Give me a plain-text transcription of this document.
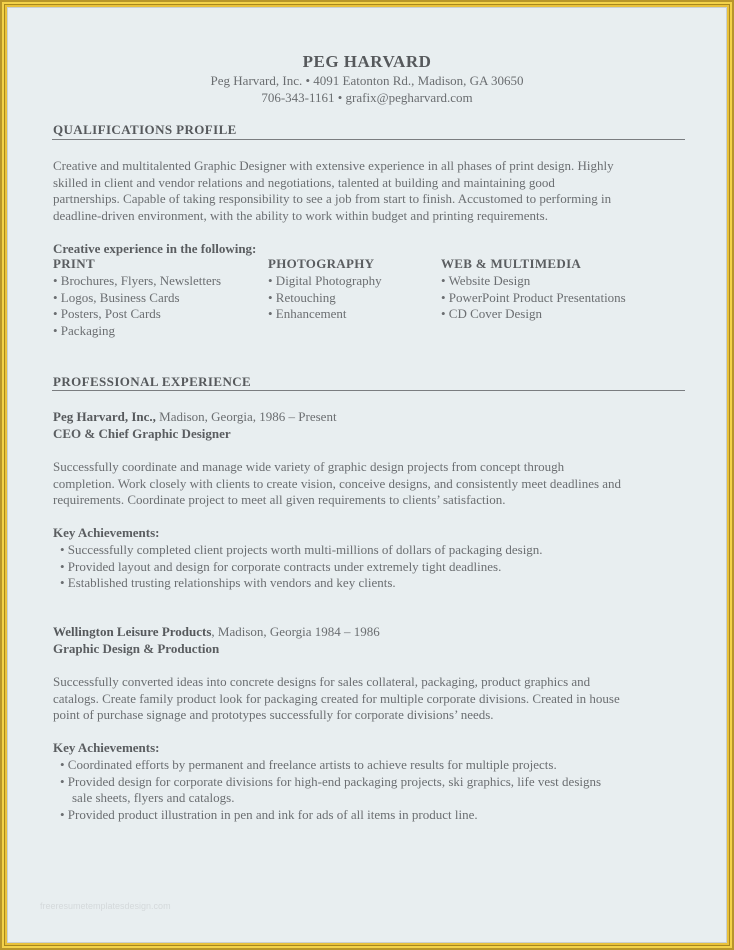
PEG HARVARD
Peg Harvard, Inc. • 4091 Eatonton Rd., Madison, GA 30650
706-343-1161 • grafix@pegharvard.com
QUALIFICATIONS PROFILE
Creative and multitalented Graphic Designer with extensive experience in all phases of print design. Highly
skilled in client and vendor relations and negotiations, talented at building and maintaining good
partnerships. Capable of taking responsibility to see a job from start to finish. Accustomed to performing in
deadline-driven environment, with the ability to work within budget and printing requirements.
Creative experience in the following:
PRINT
• Brochures, Flyers, Newsletters
• Logos, Business Cards
• Posters, Post Cards
• Packaging
PHOTOGRAPHY
• Digital Photography
• Retouching
• Enhancement
WEB & MULTIMEDIA
• Website Design
• PowerPoint Product Presentations
• CD Cover Design
PROFESSIONAL EXPERIENCE
Peg Harvard, Inc., Madison, Georgia, 1986 – Present
CEO & Chief Graphic Designer
Successfully coordinate and manage wide variety of graphic design projects from concept through
completion. Work closely with clients to create vision, conceive designs, and consistently meet deadlines and
requirements. Coordinate project to meet all given requirements to clients’ satisfaction.
Key Achievements:
• Successfully completed client projects worth multi-millions of dollars of packaging design.
• Provided layout and design for corporate contracts under extremely tight deadlines.
• Established trusting relationships with vendors and key clients.
Wellington Leisure Products, Madison, Georgia 1984 – 1986
Graphic Design & Production
Successfully converted ideas into concrete designs for sales collateral, packaging, product graphics and
catalogs. Create family product look for packaging created for multiple corporate divisions. Created in house
point of purchase signage and prototypes successfully for corporate divisions’ needs.
Key Achievements:
• Coordinated efforts by permanent and freelance artists to achieve results for multiple projects.
• Provided design for corporate divisions for high-end packaging projects, ski graphics, life vest designs
sale sheets, flyers and catalogs.
• Provided product illustration in pen and ink for ads of all items in product line.
freeresumetemplatesdesign.com
